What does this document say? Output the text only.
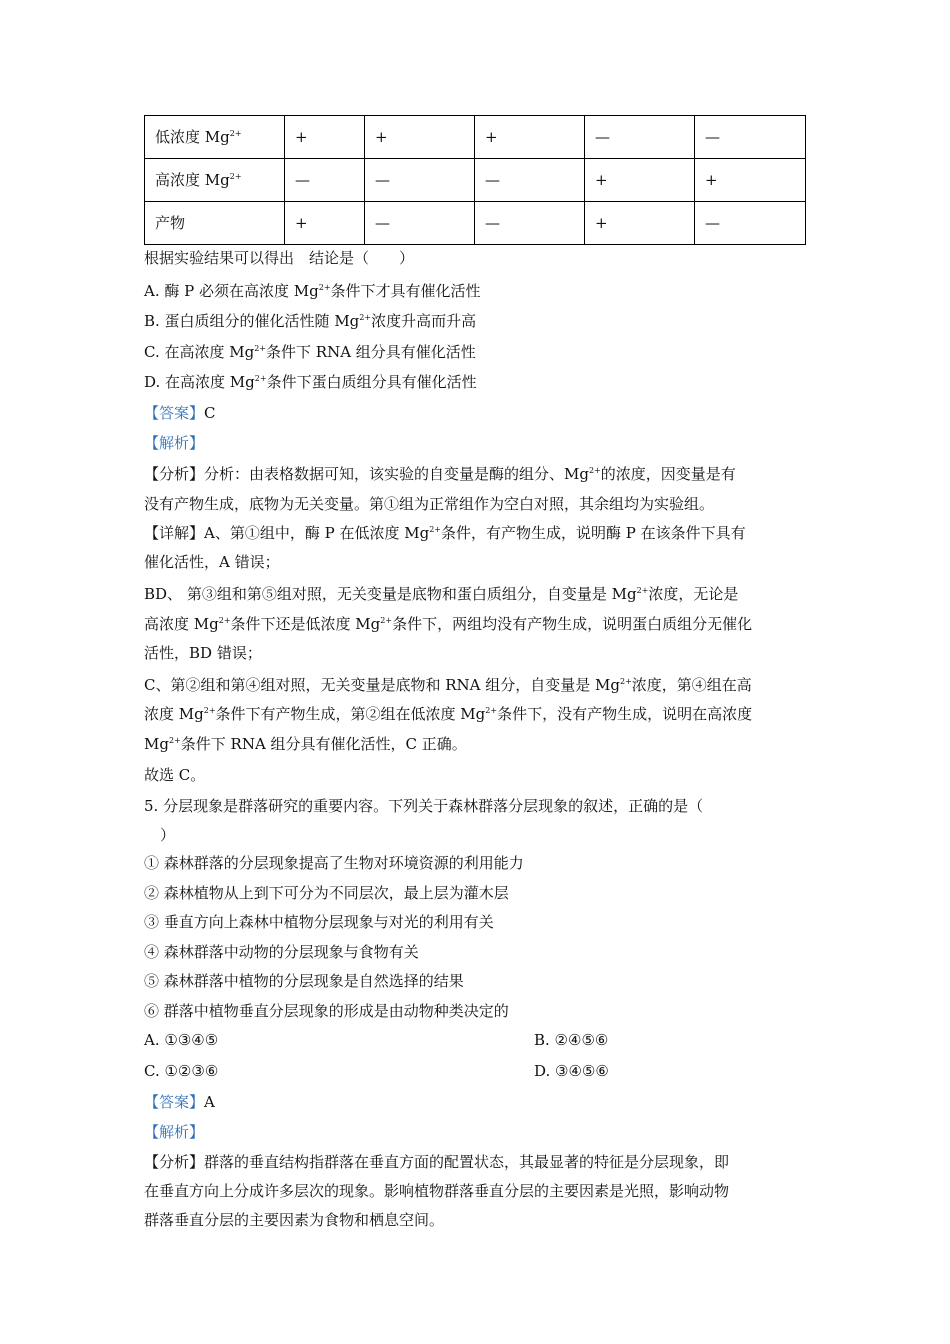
低浓度 $Mg^{2+}$	+	+	+	—	—
高浓度 $Mg^{2+}$	—	—	—	+	+
产物	+	—	—	+	—
根据实验结果可以得出　结论是（　　）
A. 酶 P 必须在高浓度 $Mg^{2+}$条件下才具有催化活性
B. 蛋白质组分的催化活性随 $Mg^{2+}$浓度升高而升高
C. 在高浓度 $Mg^{2+}$条件下 RNA 组分具有催化活性
D. 在高浓度 $Mg^{2+}$条件下蛋白质组分具有催化活性
【答案】C
【解析】
【分析】分析：由表格数据可知，该实验的自变量是酶的组分、$Mg^{2+}$的浓度，因变量是有
没有产物生成，底物为无关变量。第①组为正常组作为空白对照，其余组均为实验组。
【详解】A、第①组中，酶 P 在低浓度 $Mg^{2+}$条件，有产物生成，说明酶 P 在该条件下具有
催化活性，A 错误；
BD、 第③组和第⑤组对照，无关变量是底物和蛋白质组分，自变量是 $Mg^{2+}$浓度，无论是
高浓度 $Mg^{2+}$条件下还是低浓度 $Mg^{2+}$条件下，两组均没有产物生成，说明蛋白质组分无催化
活性，BD 错误；
C、第②组和第④组对照，无关变量是底物和 RNA 组分，自变量是 $Mg^{2+}$浓度，第④组在高
浓度 $Mg^{2+}$条件下有产物生成，第②组在低浓度 $Mg^{2+}$条件下，没有产物生成，说明在高浓度
$Mg^{2+}$条件下 RNA 组分具有催化活性，C 正确。
故选 C。
5. 分层现象是群落研究的重要内容。下列关于森林群落分层现象的叙述，正确的是（
）
① 森林群落的分层现象提高了生物对环境资源的利用能力
② 森林植物从上到下可分为不同层次，最上层为灌木层
③ 垂直方向上森林中植物分层现象与对光的利用有关
④ 森林群落中动物的分层现象与食物有关
⑤ 森林群落中植物的分层现象是自然选择的结果
⑥ 群落中植物垂直分层现象的形成是由动物种类决定的
A. ①③④⑤	B. ②④⑤⑥
C. ①②③⑥	D. ③④⑤⑥
【答案】A
【解析】
【分析】群落的垂直结构指群落在垂直方面的配置状态，其最显著的特征是分层现象，即
在垂直方向上分成许多层次的现象。影响植物群落垂直分层的主要因素是光照，影响动物
群落垂直分层的主要因素为食物和栖息空间。
